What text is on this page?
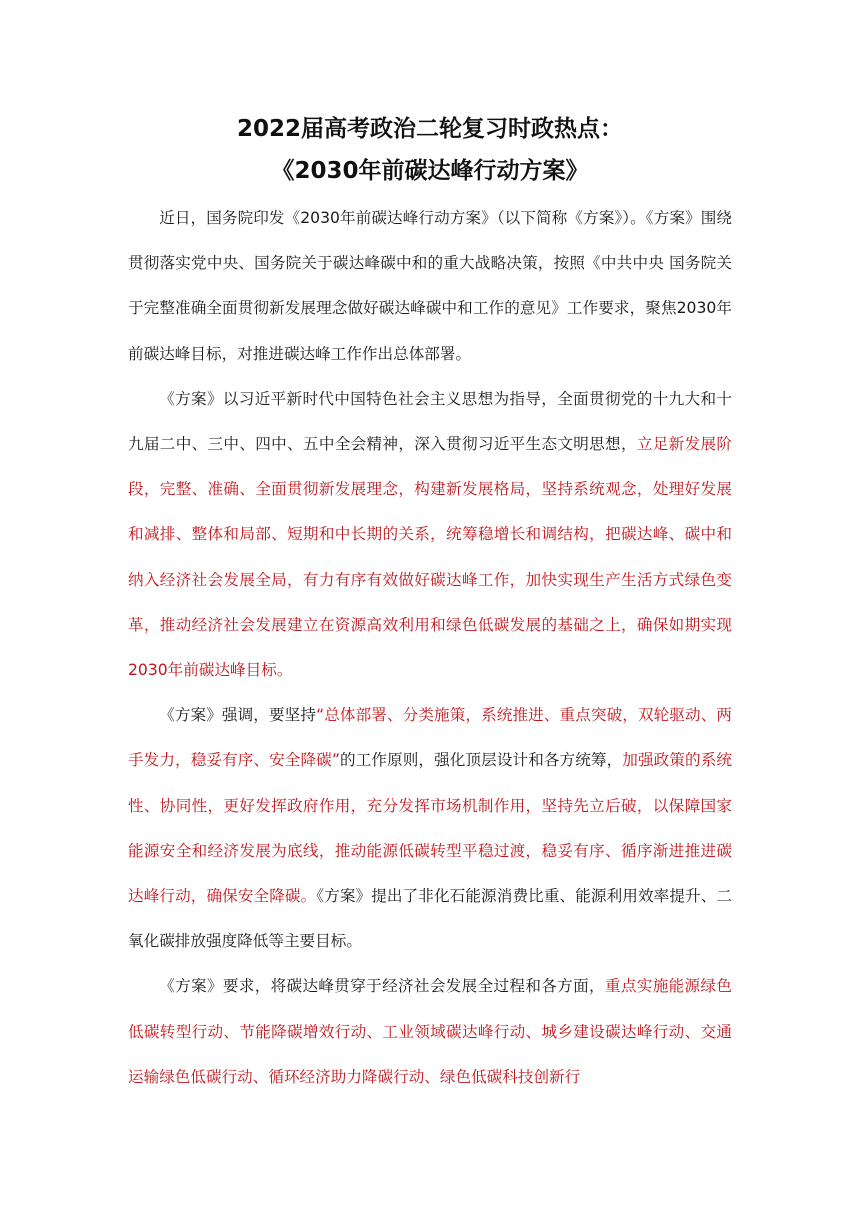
2022届高考政治二轮复习时政热点：
《2030年前碳达峰行动方案》

近日，国务院印发《2030年前碳达峰行动方案》（以下简称《方案》）。《方案》围绕贯彻落实党中央、国务院关于碳达峰碳中和的重大战略决策，按照《中共中央 国务院关于完整准确全面贯彻新发展理念做好碳达峰碳中和工作的意见》工作要求，聚焦2030年前碳达峰目标，对推进碳达峰工作作出总体部署。

《方案》以习近平新时代中国特色社会主义思想为指导，全面贯彻党的十九大和十九届二中、三中、四中、五中全会精神，深入贯彻习近平生态文明思想，立足新发展阶段，完整、准确、全面贯彻新发展理念，构建新发展格局，坚持系统观念，处理好发展和减排、整体和局部、短期和中长期的关系，统筹稳增长和调结构，把碳达峰、碳中和纳入经济社会发展全局，有力有序有效做好碳达峰工作，加快实现生产生活方式绿色变革，推动经济社会发展建立在资源高效利用和绿色低碳发展的基础之上，确保如期实现2030年前碳达峰目标。

《方案》强调，要坚持“总体部署、分类施策，系统推进、重点突破，双轮驱动、两手发力，稳妥有序、安全降碳”的工作原则，强化顶层设计和各方统筹，加强政策的系统性、协同性，更好发挥政府作用，充分发挥市场机制作用，坚持先立后破，以保障国家能源安全和经济发展为底线，推动能源低碳转型平稳过渡，稳妥有序、循序渐进推进碳达峰行动，确保安全降碳。《方案》提出了非化石能源消费比重、能源利用效率提升、二氧化碳排放强度降低等主要目标。

《方案》要求，将碳达峰贯穿于经济社会发展全过程和各方面，重点实施能源绿色低碳转型行动、节能降碳增效行动、工业领域碳达峰行动、城乡建设碳达峰行动、交通运输绿色低碳行动、循环经济助力降碳行动、绿色低碳科技创新行
